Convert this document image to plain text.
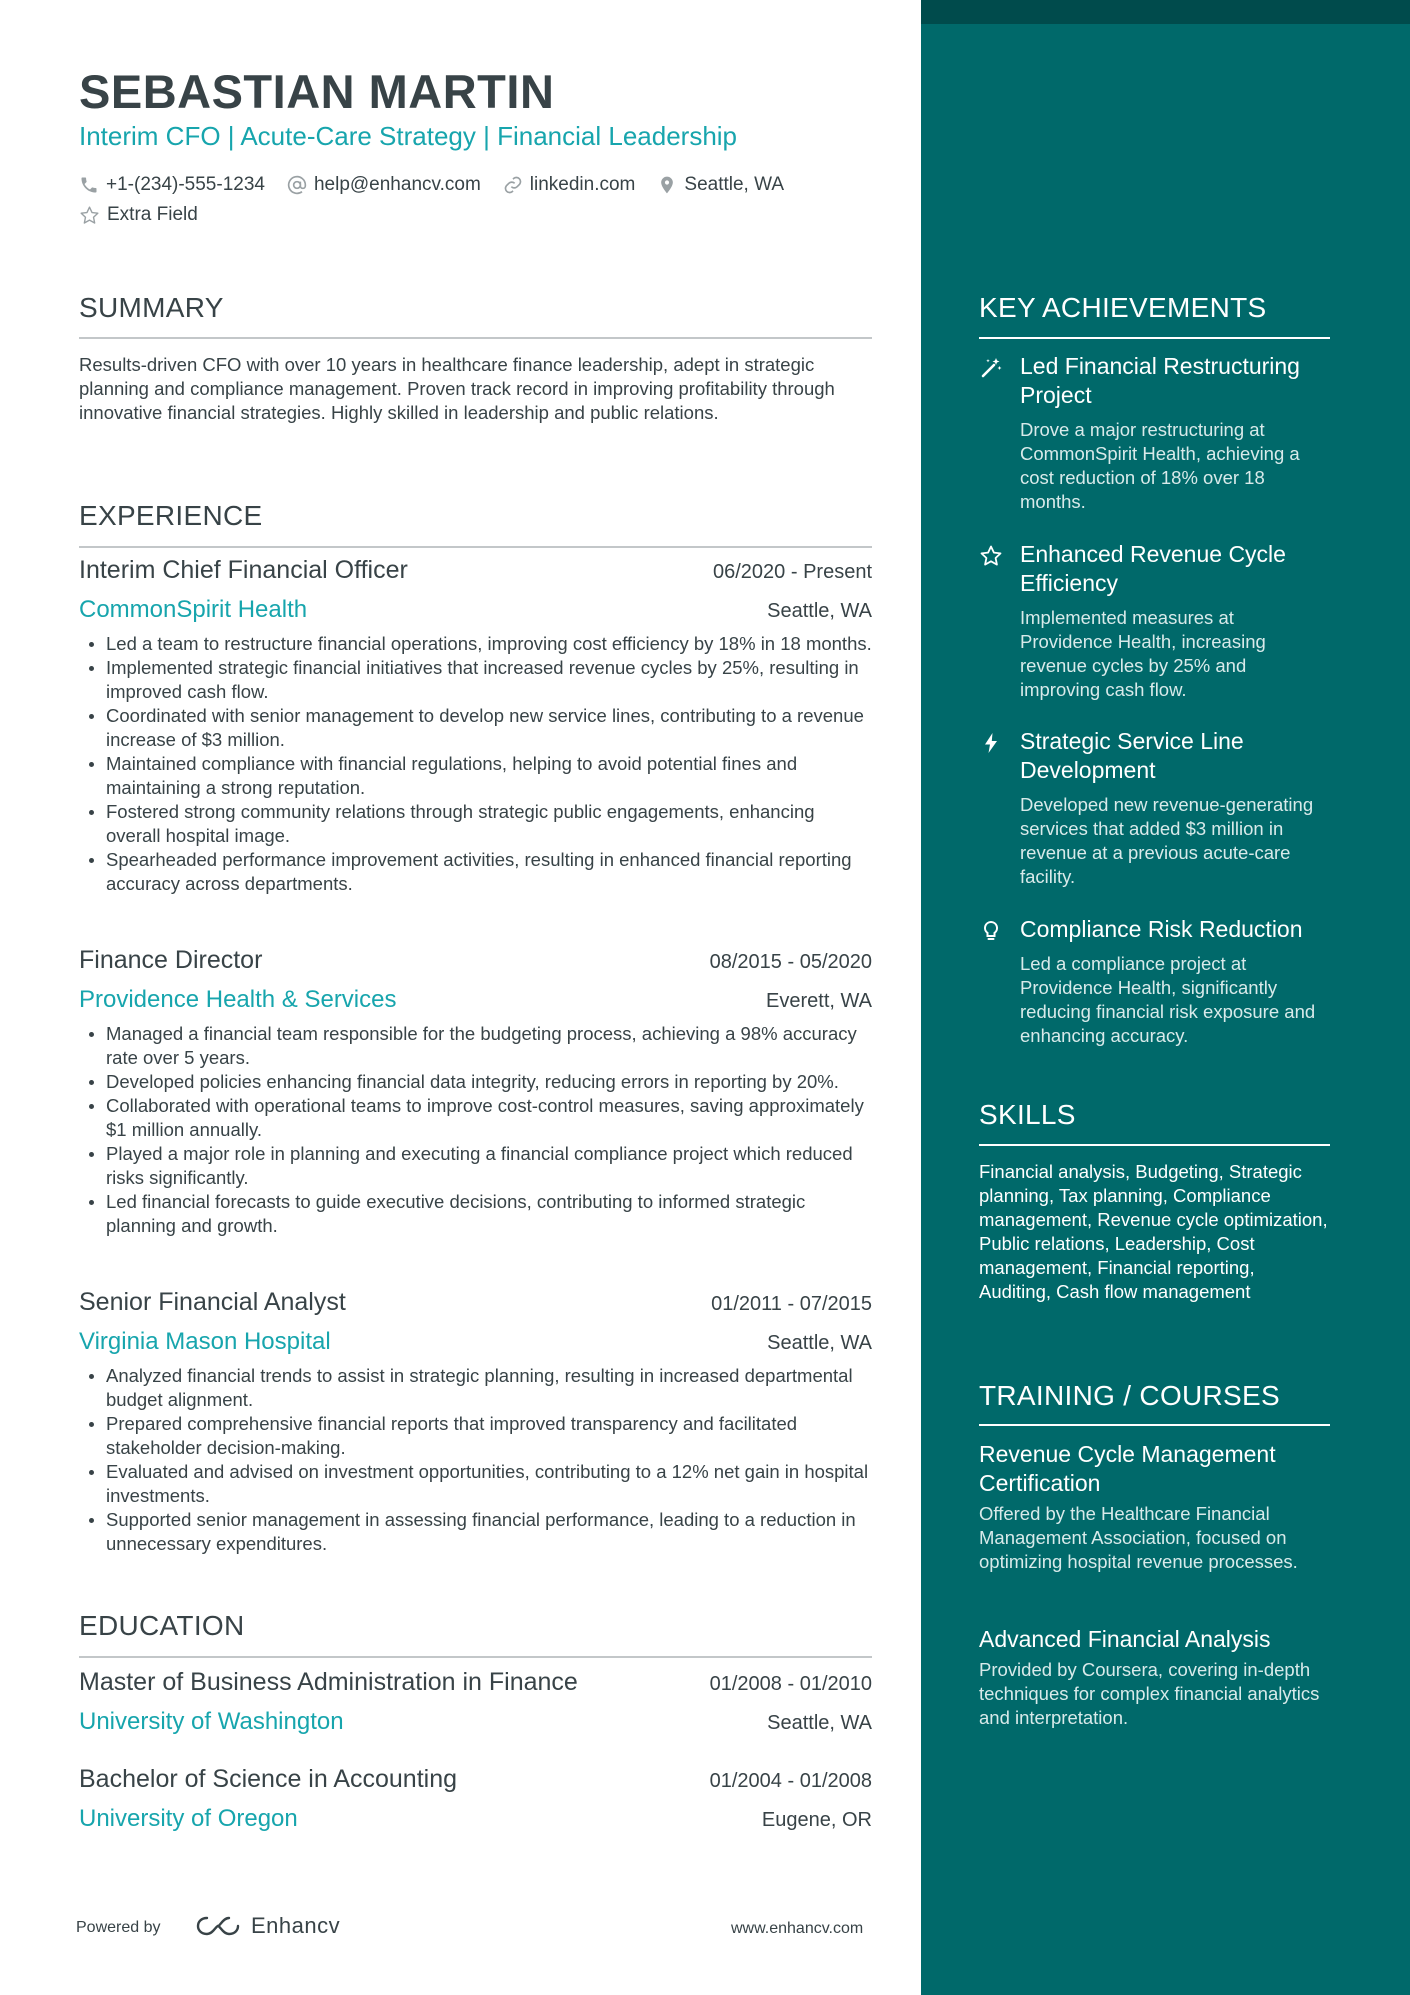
SEBASTIAN MARTIN
Interim CFO | Acute-Care Strategy | Financial Leadership
+1-(234)-555-1234	help@enhancv.com	linkedin.com	Seattle, WA
Extra Field
SUMMARY
Results-driven CFO with over 10 years in healthcare finance leadership, adept in strategic planning and compliance management. Proven track record in improving profitability through innovative financial strategies. Highly skilled in leadership and public relations.
EXPERIENCE
Interim Chief Financial Officer	06/2020 - Present
CommonSpirit Health	Seattle, WA
Led a team to restructure financial operations, improving cost efficiency by 18% in 18 months.
Implemented strategic financial initiatives that increased revenue cycles by 25%, resulting in improved cash flow.
Coordinated with senior management to develop new service lines, contributing to a revenue increase of $3 million.
Maintained compliance with financial regulations, helping to avoid potential fines and maintaining a strong reputation.
Fostered strong community relations through strategic public engagements, enhancing overall hospital image.
Spearheaded performance improvement activities, resulting in enhanced financial reporting accuracy across departments.
Finance Director	08/2015 - 05/2020
Providence Health & Services	Everett, WA
Managed a financial team responsible for the budgeting process, achieving a 98% accuracy rate over 5 years.
Developed policies enhancing financial data integrity, reducing errors in reporting by 20%.
Collaborated with operational teams to improve cost-control measures, saving approximately $1 million annually.
Played a major role in planning and executing a financial compliance project which reduced risks significantly.
Led financial forecasts to guide executive decisions, contributing to informed strategic planning and growth.
Senior Financial Analyst	01/2011 - 07/2015
Virginia Mason Hospital	Seattle, WA
Analyzed financial trends to assist in strategic planning, resulting in increased departmental budget alignment.
Prepared comprehensive financial reports that improved transparency and facilitated stakeholder decision-making.
Evaluated and advised on investment opportunities, contributing to a 12% net gain in hospital investments.
Supported senior management in assessing financial performance, leading to a reduction in unnecessary expenditures.
EDUCATION
Master of Business Administration in Finance	01/2008 - 01/2010
University of Washington	Seattle, WA
Bachelor of Science in Accounting	01/2004 - 01/2008
University of Oregon	Eugene, OR
Powered by	Enhancv	www.enhancv.com
KEY ACHIEVEMENTS
Led Financial Restructuring Project
Drove a major restructuring at CommonSpirit Health, achieving a cost reduction of 18% over 18 months.
Enhanced Revenue Cycle Efficiency
Implemented measures at Providence Health, increasing revenue cycles by 25% and improving cash flow.
Strategic Service Line Development
Developed new revenue-generating services that added $3 million in revenue at a previous acute-care facility.
Compliance Risk Reduction
Led a compliance project at Providence Health, significantly reducing financial risk exposure and enhancing accuracy.
SKILLS
Financial analysis, Budgeting, Strategic planning, Tax planning, Compliance management, Revenue cycle optimization, Public relations, Leadership, Cost management, Financial reporting, Auditing, Cash flow management
TRAINING / COURSES
Revenue Cycle Management Certification
Offered by the Healthcare Financial Management Association, focused on optimizing hospital revenue processes.
Advanced Financial Analysis
Provided by Coursera, covering in-depth techniques for complex financial analytics and interpretation.
